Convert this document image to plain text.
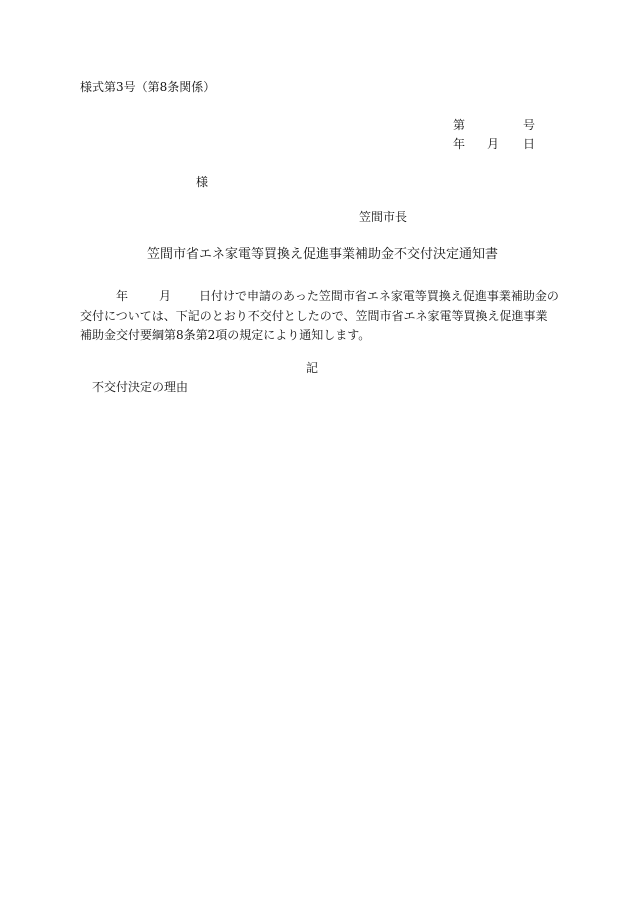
様式第3号（第8条関係）
第	号
年 月 日
様
笠間市長
笠間市省エネ家電等買換え促進事業補助金不交付決定通知書
年	月 日付けで申請のあった笠間市省エネ家電等買換え促進事業補助金の
交付については、下記のとおり不交付としたので、笠間市省エネ家電等買換え促進事業
補助金交付要綱第8条第2項の規定により通知します。
記
不交付決定の理由
